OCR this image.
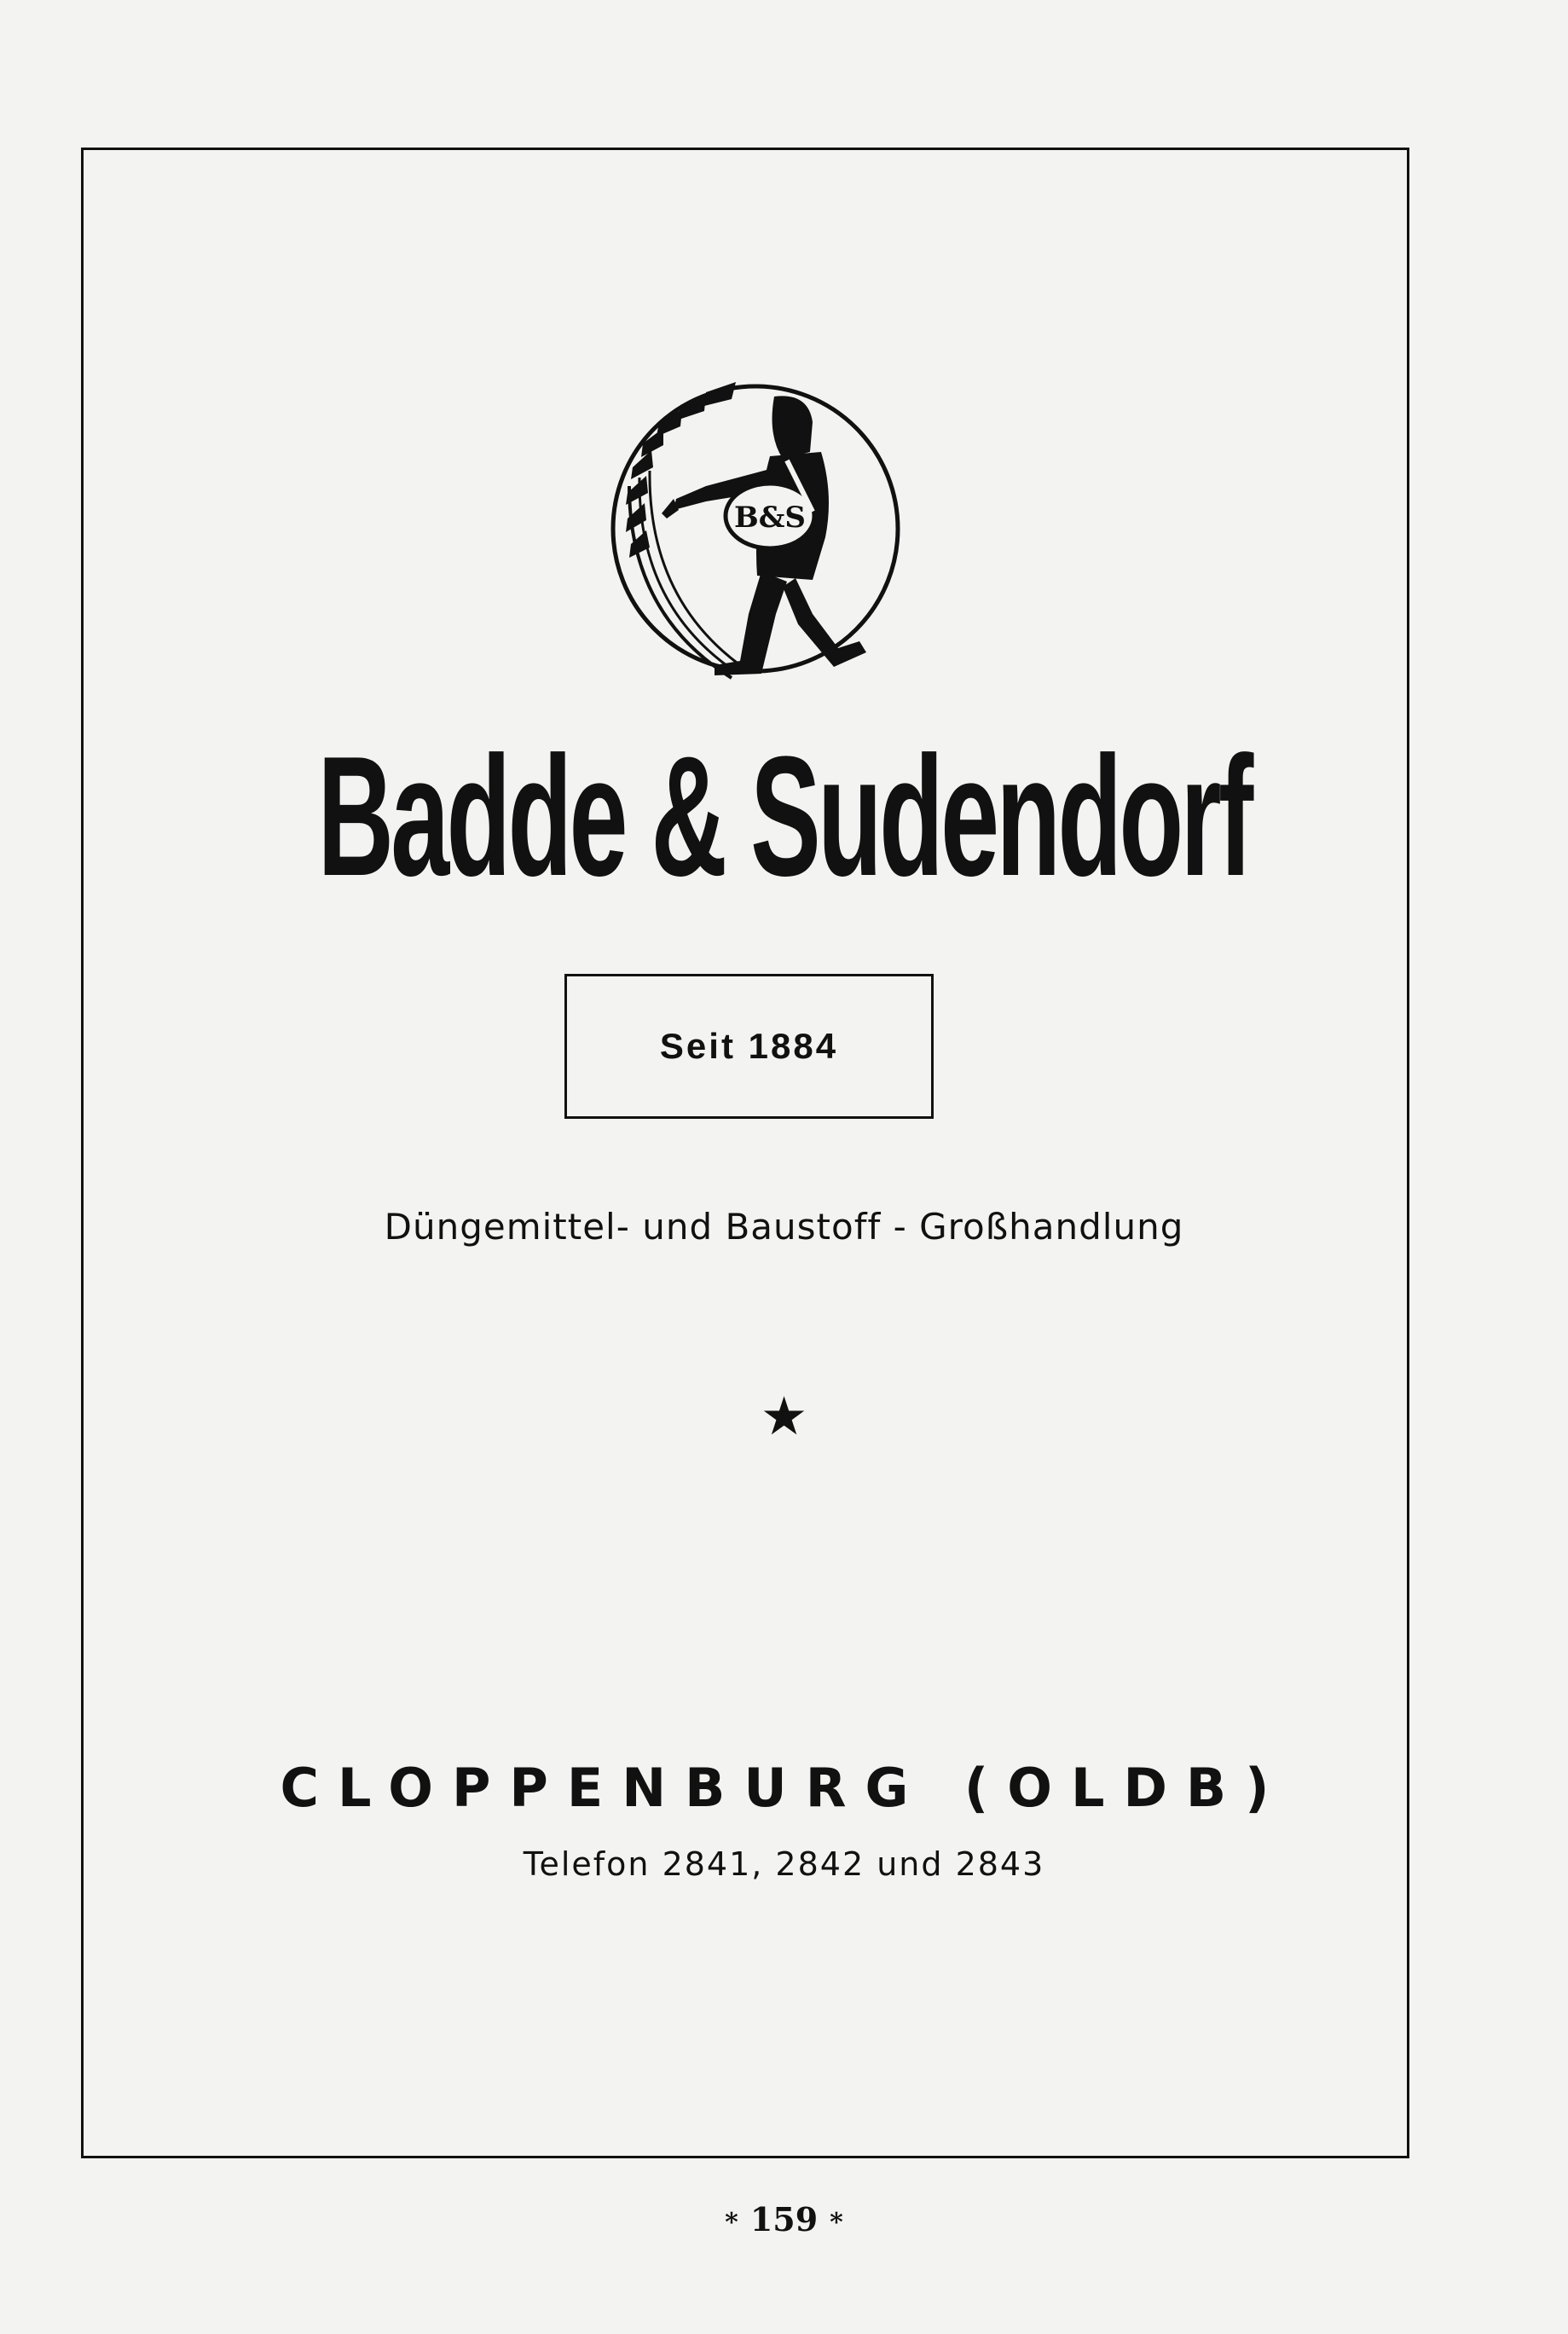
B&S
Badde & Sudendorf
Seit 1884
Düngemittel- und Baustoff - Großhandlung
★
CLOPPENBURG (OLDB)
Telefon 2841, 2842 und 2843
* 159 *
